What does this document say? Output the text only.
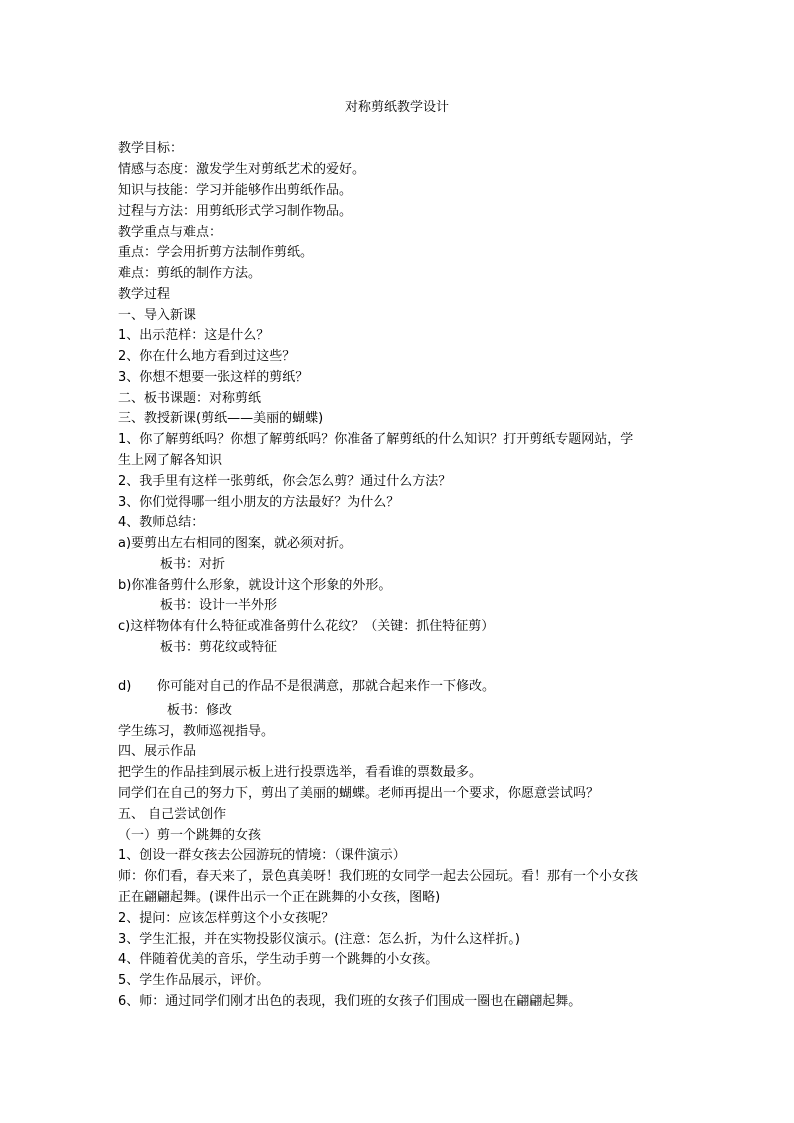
对称剪纸教学设计
教学目标：
情感与态度：激发学生对剪纸艺术的爱好。
知识与技能：学习并能够作出剪纸作品。
过程与方法：用剪纸形式学习制作物品。
教学重点与难点：
重点：学会用折剪方法制作剪纸。
难点：剪纸的制作方法。
教学过程
一、导入新课
1、出示范样：这是什么？
2、你在什么地方看到过这些？
3、你想不想要一张这样的剪纸？
二、板书课题：对称剪纸
三、教授新课(剪纸——美丽的蝴蝶)
1、你了解剪纸吗？你想了解剪纸吗？你准备了解剪纸的什么知识？打开剪纸专题网站，学
生上网了解各知识
2、我手里有这样一张剪纸，你会怎么剪？通过什么方法？
3、你们觉得哪一组小朋友的方法最好？为什么？
4、教师总结：
a)要剪出左右相同的图案，就必须对折。
板书：对折
b)你准备剪什么形象，就设计这个形象的外形。
板书：设计一半外形
c)这样物体有什么特征或准备剪什么花纹？（关键：抓住特征剪）
板书：剪花纹或特征
d) 你可能对自己的作品不是很满意，那就合起来作一下修改。
板书：修改
学生练习，教师巡视指导。
四、展示作品
把学生的作品挂到展示板上进行投票选举，看看谁的票数最多。
同学们在自己的努力下，剪出了美丽的蝴蝶。老师再提出一个要求，你愿意尝试吗？
五、 自己尝试创作
（一）剪一个跳舞的女孩
1、创设一群女孩去公园游玩的情境：（课件演示）
师：你们看，春天来了，景色真美呀！我们班的女同学一起去公园玩。看！那有一个小女孩
正在翩翩起舞。(课件出示一个正在跳舞的小女孩，图略)
2、提问：应该怎样剪这个小女孩呢？
3、学生汇报，并在实物投影仪演示。(注意：怎么折，为什么这样折。)
4、伴随着优美的音乐，学生动手剪一个跳舞的小女孩。
5、学生作品展示，评价。
6、师：通过同学们刚才出色的表现，我们班的女孩子们围成一圈也在翩翩起舞。
